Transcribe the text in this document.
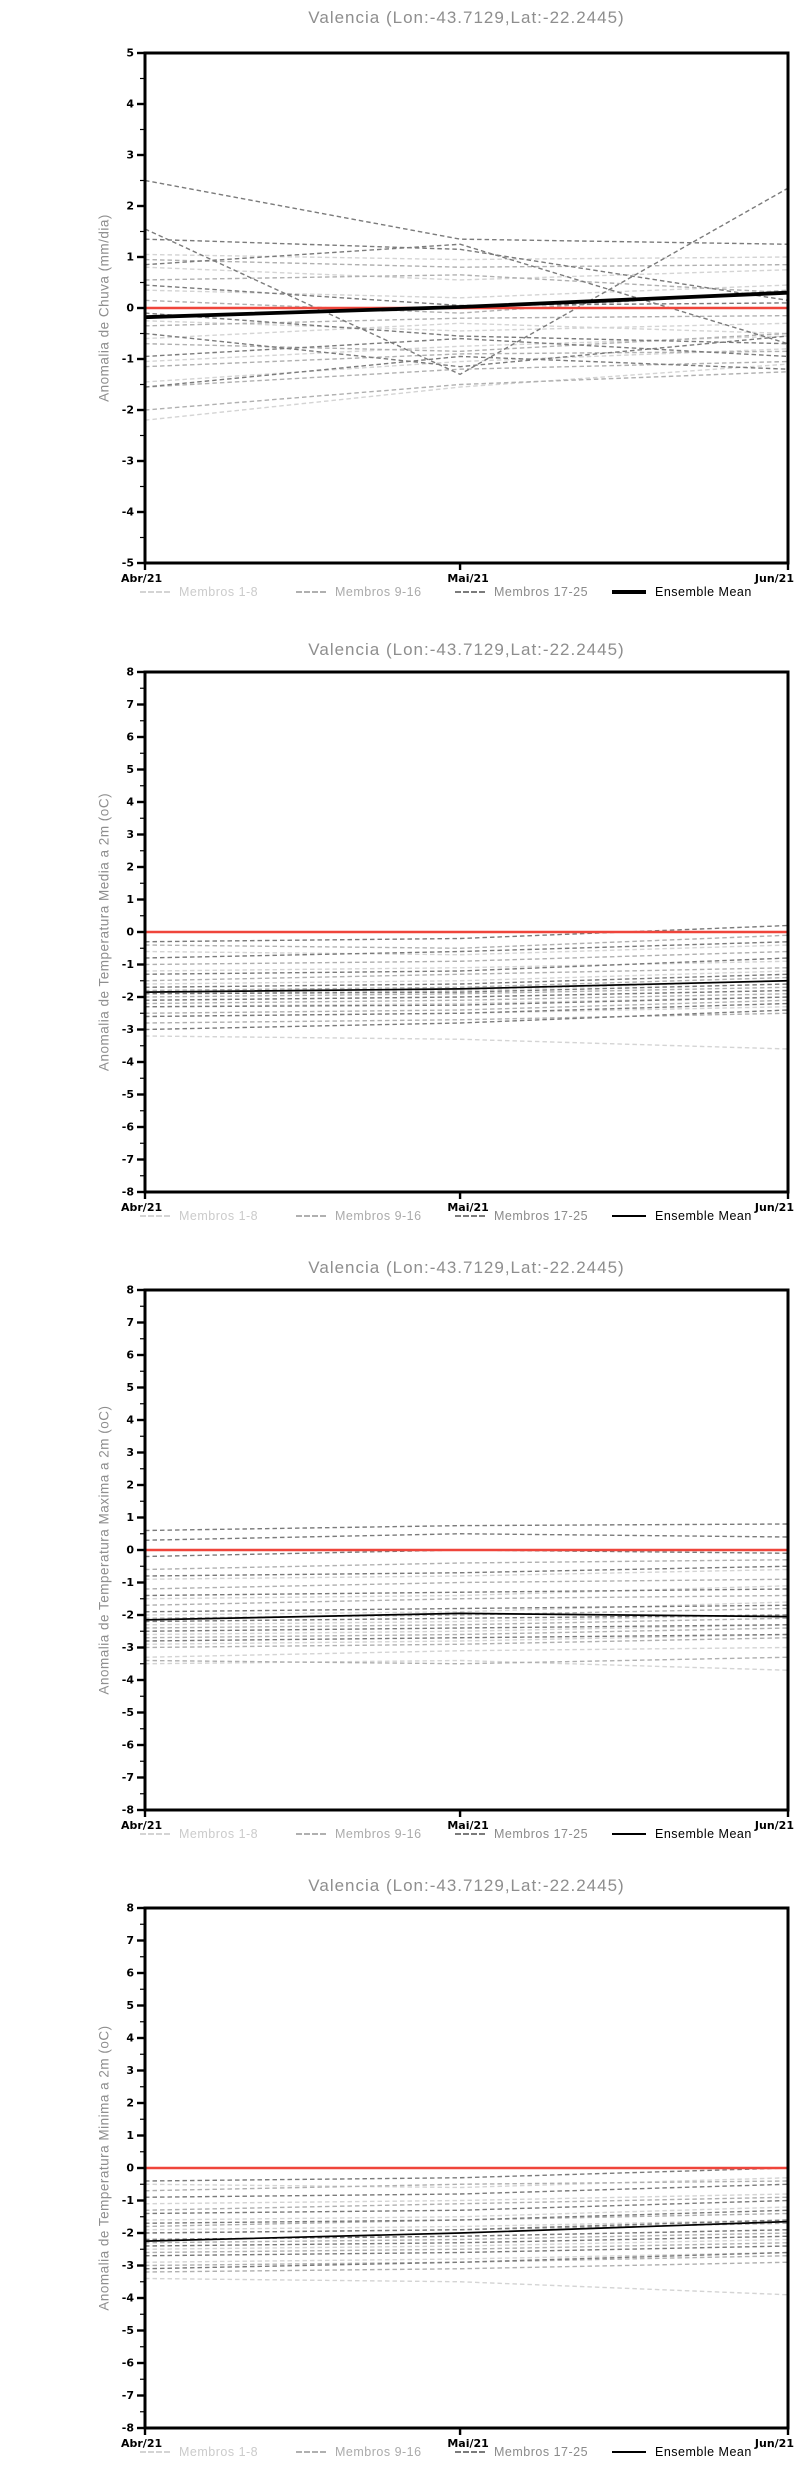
Valencia (Lon:-43.7129,Lat:-22.2445)
Anomalia de Chuva (mm/dia)
-5
-4
-3
-2
-1
0
1
2
3
4
5
Abr/21	Mai/21	Jun/21
Membros 1-8	Membros 9-16	Membros 17-25	Ensemble Mean
Valencia (Lon:-43.7129,Lat:-22.2445)
Anomalia de Temperatura Media a 2m (oC)
-8
-7
-6
-5
-4
-3
-2
-1
0
1
2
3
4
5
6
7
8
Abr/21	Mai/21	Jun/21
Membros 1-8	Membros 9-16	Membros 17-25	Ensemble Mean
Valencia (Lon:-43.7129,Lat:-22.2445)
Anomalia de Temperatura Maxima a 2m (oC)
-8
-7
-6
-5
-4
-3
-2
-1
0
1
2
3
4
5
6
7
8
Abr/21	Mai/21	Jun/21
Membros 1-8	Membros 9-16	Membros 17-25	Ensemble Mean
Valencia (Lon:-43.7129,Lat:-22.2445)
Anomalia de Temperatura Minima a 2m (oC)
-8
-7
-6
-5
-4
-3
-2
-1
0
1
2
3
4
5
6
7
8
Abr/21	Mai/21	Jun/21
Membros 1-8	Membros 9-16	Membros 17-25	Ensemble Mean
